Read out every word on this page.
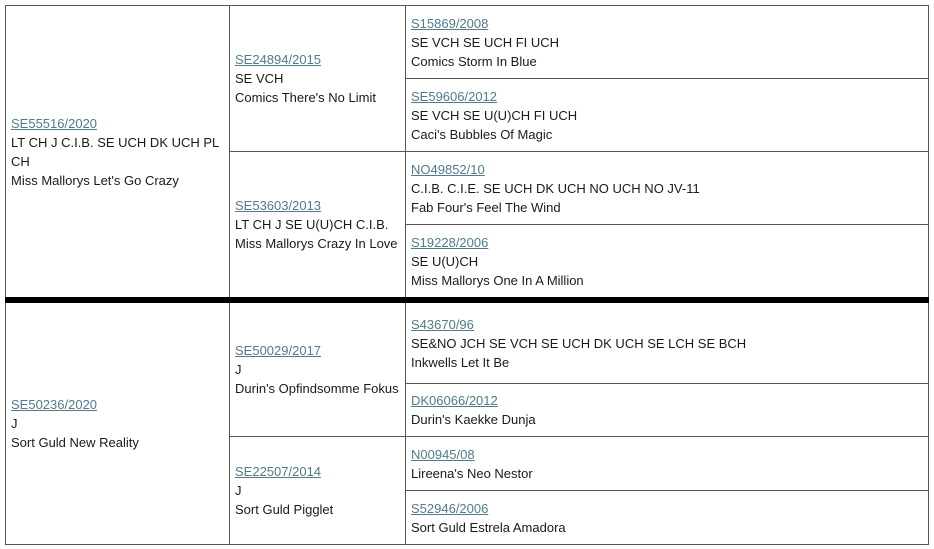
SE55516/2020
LT CH J C.I.B. SE UCH DK UCH PL CH
Miss Mallorys Let's Go Crazy
SE50236/2020
J
Sort Guld New Reality
SE24894/2015
SE VCH
Comics There's No Limit
SE53603/2013
LT CH J SE U(U)CH C.I.B.
Miss Mallorys Crazy In Love
SE50029/2017
J
Durin's Opfindsomme Fokus
SE22507/2014
J
Sort Guld Pigglet
S15869/2008
SE VCH SE UCH FI UCH
Comics Storm In Blue
SE59606/2012
SE VCH SE U(U)CH FI UCH
Caci's Bubbles Of Magic
NO49852/10
C.I.B. C.I.E. SE UCH DK UCH NO UCH NO JV-11
Fab Four's Feel The Wind
S19228/2006
SE U(U)CH
Miss Mallorys One In A Million
S43670/96
SE&NO JCH SE VCH SE UCH DK UCH SE LCH SE BCH
Inkwells Let It Be
DK06066/2012
Durin's Kaekke Dunja
N00945/08
Lireena's Neo Nestor
S52946/2006
Sort Guld Estrela Amadora
